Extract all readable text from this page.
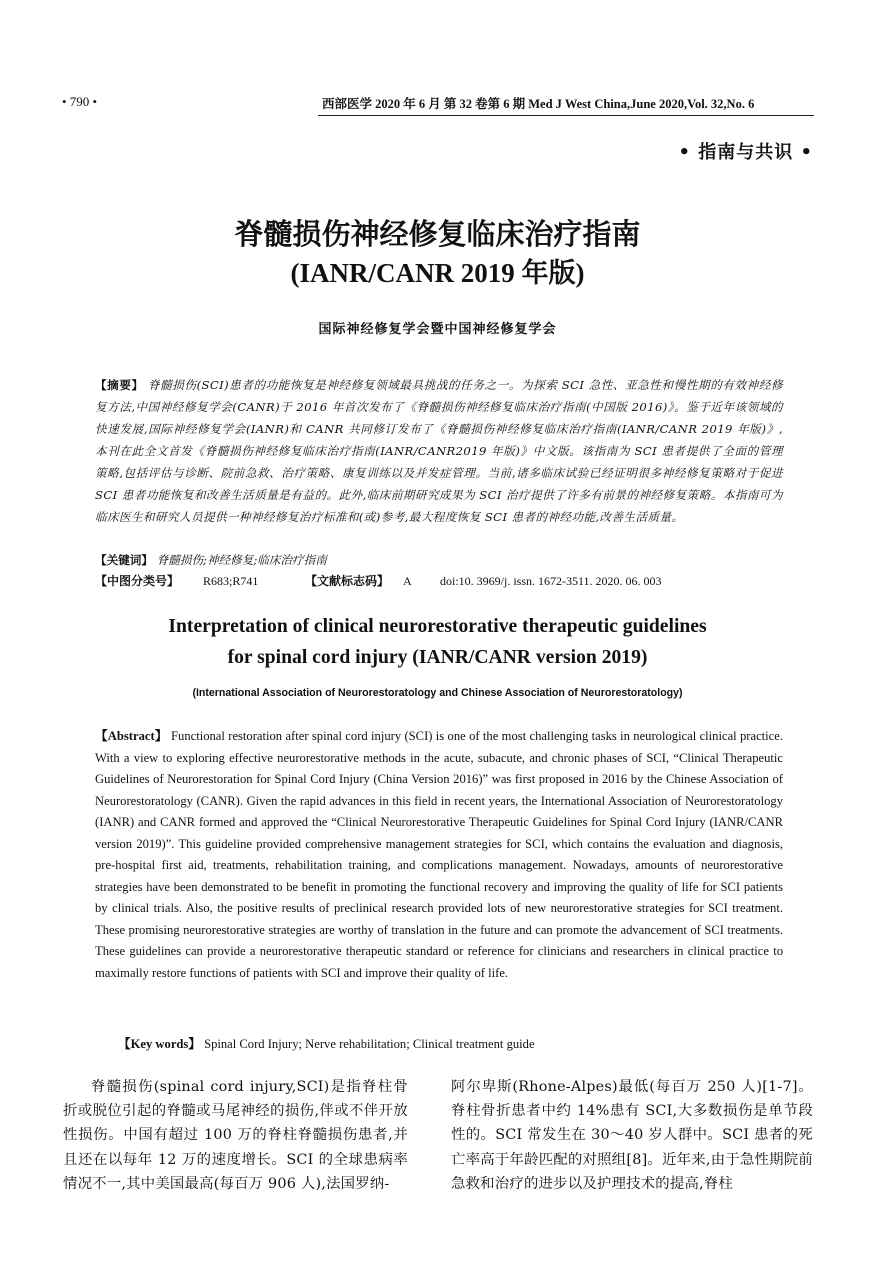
• 790 •	西部医学 2020 年 6 月 第 32 卷第 6 期 Med J West China,June 2020,Vol. 32,No. 6
• 指南与共识 •
脊髓损伤神经修复临床治疗指南
(IANR/CANR 2019 年版)
国际神经修复学会暨中国神经修复学会
【摘要】 脊髓损伤(SCI)患者的功能恢复是神经修复领域最具挑战的任务之一。为探索 SCI 急性、亚急性和慢性期的有效神经修复方法,中国神经修复学会(CANR)于 2016 年首次发布了《脊髓损伤神经修复临床治疗指南(中国版 2016)》。鉴于近年该领域的快速发展,国际神经修复学会(IANR)和 CANR 共同修订发布了《脊髓损伤神经修复临床治疗指南(IANR/CANR 2019 年版)》,本刊在此全文首发《脊髓损伤神经修复临床治疗指南(IANR/CANR2019 年版)》中文版。该指南为 SCI 患者提供了全面的管理策略,包括评估与诊断、院前急救、治疗策略、康复训练以及并发症管理。当前,诸多临床试验已经证明很多神经修复策略对于促进 SCI 患者功能恢复和改善生活质量是有益的。此外,临床前期研究成果为 SCI 治疗提供了许多有前景的神经修复策略。本指南可为临床医生和研究人员提供一种神经修复治疗标准和(或)参考,最大程度恢复 SCI 患者的神经功能,改善生活质量。
【关键词】 脊髓损伤;神经修复;临床治疗指南
【中图分类号】 R683;R741	【文献标志码】 A doi:10. 3969/j. issn. 1672-3511. 2020. 06. 003
Interpretation of clinical neurorestorative therapeutic guidelines
for spinal cord injury (IANR/CANR version 2019)
(International Association of Neurorestoratology and Chinese Association of Neurorestoratology)
【Abstract】 Functional restoration after spinal cord injury (SCI) is one of the most challenging tasks in neurological clinical practice. With a view to exploring effective neurorestorative methods in the acute, subacute, and chronic phases of SCI, “Clinical Therapeutic Guidelines of Neurorestoration for Spinal Cord Injury (China Version 2016)” was first proposed in 2016 by the Chinese Association of Neurorestoratology (CANR). Given the rapid advances in this field in recent years, the International Association of Neurorestoratology (IANR) and CANR formed and approved the “Clinical Neurorestorative Therapeutic Guidelines for Spinal Cord Injury (IANR/CANR version 2019)”. This guideline provided comprehensive management strategies for SCI, which contains the evaluation and diagnosis, pre-hospital first aid, treatments, rehabilitation training, and complications management. Nowadays, amounts of neurorestorative strategies have been demonstrated to be benefit in promoting the functional recovery and improving the quality of life for SCI patients by clinical trials. Also, the positive results of preclinical research provided lots of new neurorestorative strategies for SCI treatment. These promising neurorestorative strategies are worthy of translation in the future and can promote the advancement of SCI treatments. These guidelines can provide a neurorestorative therapeutic standard or reference for clinicians and researchers in clinical practice to maximally restore functions of patients with SCI and improve their quality of life.
【Key words】 Spinal Cord Injury; Nerve rehabilitation; Clinical treatment guide
脊髓损伤(spinal cord injury,SCI)是指脊柱骨折或脱位引起的脊髓或马尾神经的损伤,伴或不伴开放性损伤。中国有超过 100 万的脊柱脊髓损伤患者,并且还在以每年 12 万的速度增长。SCI 的全球患病率情况不一,其中美国最高(每百万 906 人),法国罗纳-
阿尔卑斯(Rhone-Alpes)最低(每百万 250 人)[1-7]。脊柱骨折患者中约 14%患有 SCI,大多数损伤是单节段性的。SCI 常发生在 30～40 岁人群中。SCI 患者的死亡率高于年龄匹配的对照组[8]。近年来,由于急性期院前急救和治疗的进步以及护理技术的提高,脊柱
